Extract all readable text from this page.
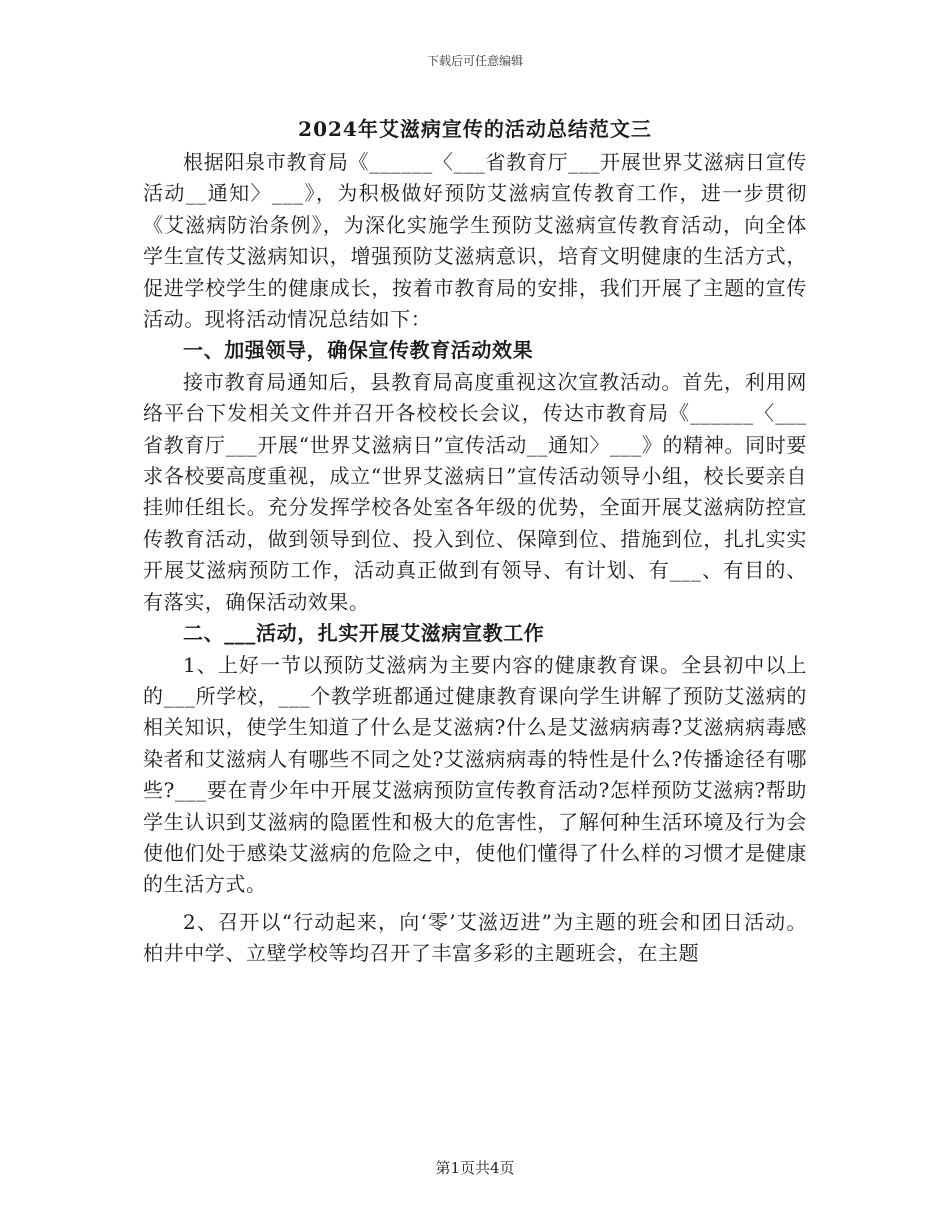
下载后可任意编辑
2024年艾滋病宣传的活动总结范文三

根据阳泉市教育局《______〈___省教育厅___开展世界艾滋病日宣传活动__通知〉___》，为积极做好预防艾滋病宣传教育工作，进一步贯彻《艾滋病防治条例》，为深化实施学生预防艾滋病宣传教育活动，向全体学生宣传艾滋病知识，增强预防艾滋病意识，培育文明健康的生活方式，促进学校学生的健康成长，按着市教育局的安排，我们开展了主题的宣传活动。现将活动情况总结如下：

一、加强领导，确保宣传教育活动效果

接市教育局通知后，县教育局高度重视这次宣教活动。首先，利用网络平台下发相关文件并召开各校校长会议，传达市教育局《______〈___省教育厅___开展“世界艾滋病日”宣传活动__通知〉___》的精神。同时要求各校要高度重视，成立“世界艾滋病日”宣传活动领导小组，校长要亲自挂帅任组长。充分发挥学校各处室各年级的优势，全面开展艾滋病防控宣传教育活动，做到领导到位、投入到位、保障到位、措施到位，扎扎实实开展艾滋病预防工作，活动真正做到有领导、有计划、有___、有目的、有落实，确保活动效果。

二、___活动，扎实开展艾滋病宣教工作

1、上好一节以预防艾滋病为主要内容的健康教育课。全县初中以上的___所学校，___个教学班都通过健康教育课向学生讲解了预防艾滋病的相关知识，使学生知道了什么是艾滋病?什么是艾滋病病毒?艾滋病病毒感染者和艾滋病人有哪些不同之处?艾滋病病毒的特性是什么?传播途径有哪些?___要在青少年中开展艾滋病预防宣传教育活动?怎样预防艾滋病?帮助学生认识到艾滋病的隐匿性和极大的危害性，了解何种生活环境及行为会使他们处于感染艾滋病的危险之中，使他们懂得了什么样的习惯才是健康的生活方式。

2、召开以“行动起来，向‘零’艾滋迈进”为主题的班会和团日活动。柏井中学、立壁学校等均召开了丰富多彩的主题班会，在主题

第1页共4页
